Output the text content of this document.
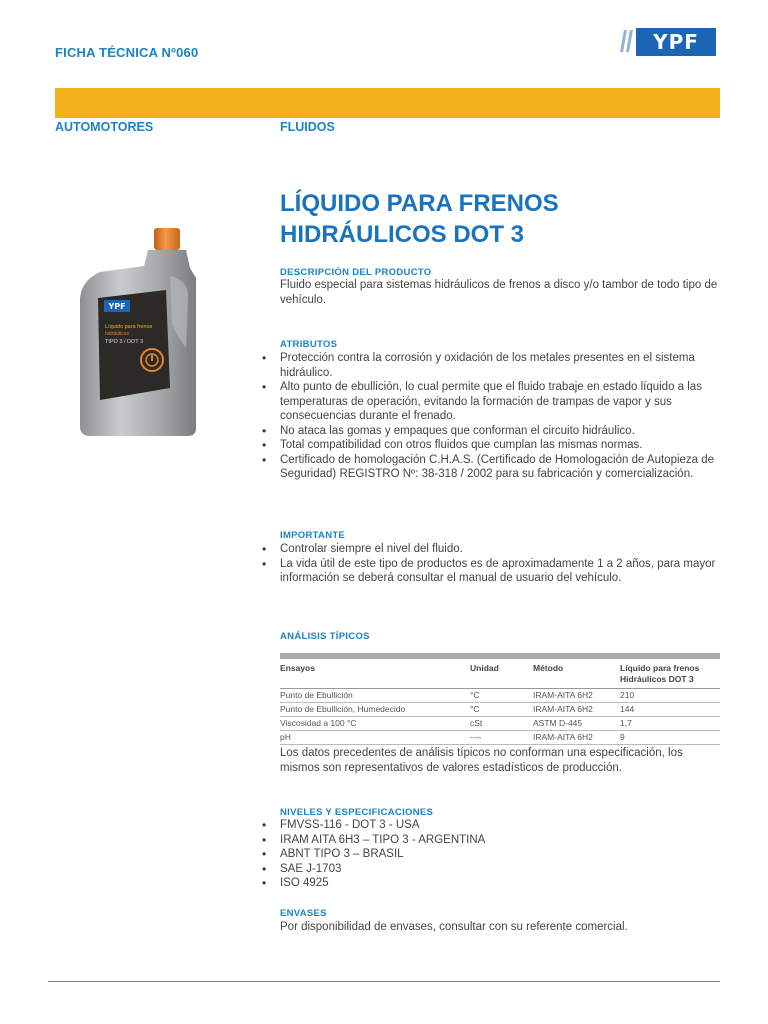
FICHA TÉCNICA Nº060	YPF
AUTOMOTORES	FLUIDOS
LÍQUIDO PARA FRENOS
HIDRÁULICOS DOT 3
YPF
Líquido para frenos
hidráulicos
TIPO 3 / DOT 3
DESCRIPCIÓN DEL PRODUCTO
Fluido especial para sistemas hidráulicos de frenos a disco y/o tambor de todo tipo de vehículo.
ATRIBUTOS
• Protección contra la corrosión y oxidación de los metales presentes en el sistema hidráulico.
• Alto punto de ebullición, lo cual permite que el fluido trabaje en estado líquido a las temperaturas de operación, evitando la formación de trampas de vapor y sus consecuencias durante el frenado.
• No ataca las gomas y empaques que conforman el circuito hidráulico.
• Total compatibilidad con otros fluidos que cumplan las mismas normas.
• Certificado de homologación C.H.A.S. (Certificado de Homologación de Autopieza de Seguridad) REGISTRO Nº: 38-318 / 2002 para su fabricación y comercialización.
IMPORTANTE
• Controlar siempre el nivel del fluido.
• La vida útil de este tipo de productos es de aproximadamente 1 a 2 años, para mayor información se deberá consultar el manual de usuario del vehículo.
ANÁLISIS TÍPICOS
Ensayos	Unidad	Método	Líquido para frenos Hidráulicos DOT 3
Punto de Ebullición	°C	IRAM-AITA 6H2	210
Punto de Ebullición, Humedecido	°C	IRAM-AITA 6H2	144
Viscosidad a 100 °C	cSt	ASTM D-445	1,7
pH	----	IRAM-AITA 6H2	9
Los datos precedentes de análisis típicos no conforman una especificación, los mismos son representativos de valores estadísticos de producción.
NIVELES Y ESPECIFICACIONES
• FMVSS-116 - DOT 3 - USA
• IRAM AITA 6H3 – TIPO 3 - ARGENTINA
• ABNT TIPO 3 – BRASIL
• SAE J-1703
• ISO 4925
ENVASES
Por disponibilidad de envases, consultar con su referente comercial.
